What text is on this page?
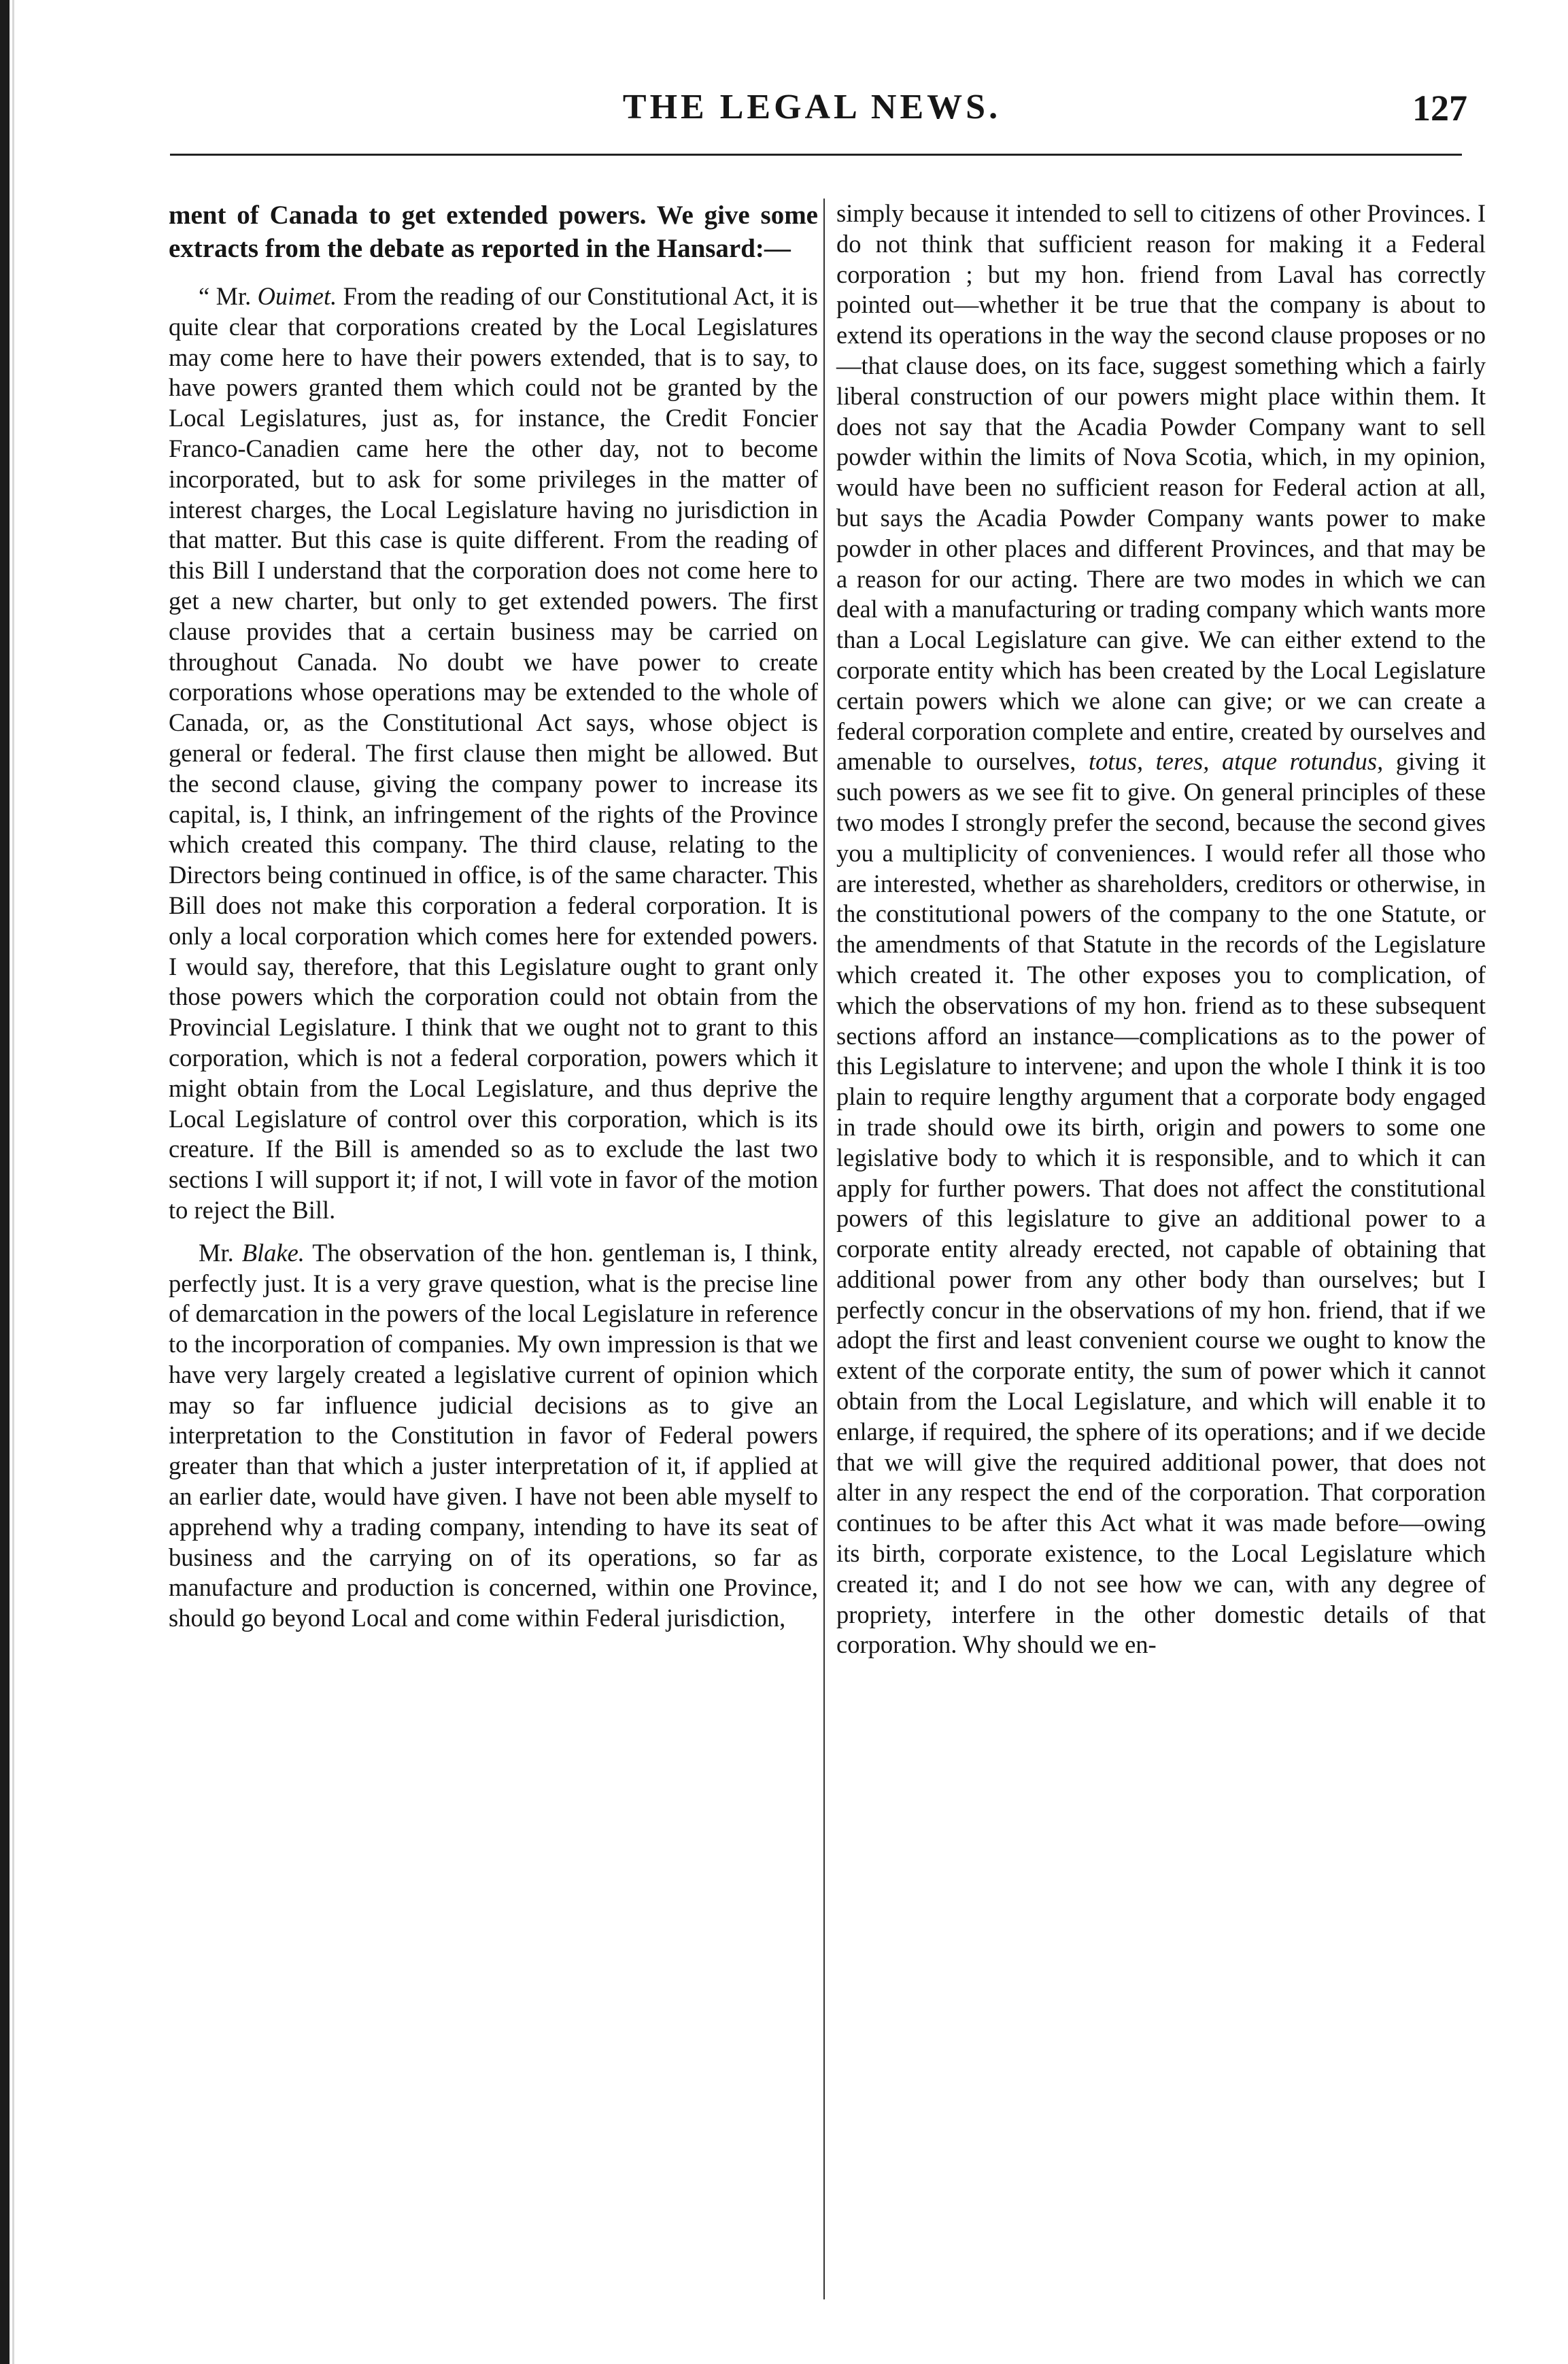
THE LEGAL NEWS.	127

ment of Canada to get extended powers. We give some extracts from the debate as reported in the Hansard:—

“ Mr. Ouimet. From the reading of our Constitutional Act, it is quite clear that corporations created by the Local Legislatures may come here to have their powers extended, that is to say, to have powers granted them which could not be granted by the Local Legislatures, just as, for instance, the Credit Foncier Franco-Canadien came here the other day, not to become incorporated, but to ask for some privileges in the matter of interest charges, the Local Legislature having no jurisdiction in that matter. But this case is quite different. From the reading of this Bill I understand that the corporation does not come here to get a new charter, but only to get extended powers. The first clause provides that a certain business may be carried on throughout Canada. No doubt we have power to create corporations whose operations may be extended to the whole of Canada, or, as the Constitutional Act says, whose object is general or federal. The first clause then might be allowed. But the second clause, giving the company power to increase its capital, is, I think, an infringement of the rights of the Province which created this company. The third clause, relating to the Directors being continued in office, is of the same character. This Bill does not make this corporation a federal corporation. It is only a local corporation which comes here for extended powers. I would say, therefore, that this Legislature ought to grant only those powers which the corporation could not obtain from the Provincial Legislature. I think that we ought not to grant to this corporation, which is not a federal corporation, powers which it might obtain from the Local Legislature, and thus deprive the Local Legislature of control over this corporation, which is its creature. If the Bill is amended so as to exclude the last two sections I will support it; if not, I will vote in favor of the motion to reject the Bill.

Mr. Blake. The observation of the hon. gentleman is, I think, perfectly just. It is a very grave question, what is the precise line of demarcation in the powers of the local Legislature in reference to the incorporation of companies. My own impression is that we have very largely created a legislative current of opinion which may so far influence judicial decisions as to give an interpretation to the Constitution in favor of Federal powers greater than that which a juster interpretation of it, if applied at an earlier date, would have given. I have not been able myself to apprehend why a trading company, intending to have its seat of business and the carrying on of its operations, so far as manufacture and production is concerned, within one Province, should go beyond Local and come within Federal jurisdiction,

simply because it intended to sell to citizens of other Provinces. I do not think that sufficient reason for making it a Federal corporation ; but my hon. friend from Laval has correctly pointed out—whether it be true that the company is about to extend its operations in the way the second clause proposes or no—that clause does, on its face, suggest something which a fairly liberal construction of our powers might place within them. It does not say that the Acadia Powder Company want to sell powder within the limits of Nova Scotia, which, in my opinion, would have been no sufficient reason for Federal action at all, but says the Acadia Powder Company wants power to make powder in other places and different Provinces, and that may be a reason for our acting. There are two modes in which we can deal with a manufacturing or trading company which wants more than a Local Legislature can give. We can either extend to the corporate entity which has been created by the Local Legislature certain powers which we alone can give; or we can create a federal corporation complete and entire, created by ourselves and amenable to ourselves, totus, teres, atque rotundus, giving it such powers as we see fit to give. On general principles of these two modes I strongly prefer the second, because the second gives you a multiplicity of conveniences. I would refer all those who are interested, whether as shareholders, creditors or otherwise, in the constitutional powers of the company to the one Statute, or the amendments of that Statute in the records of the Legislature which created it. The other exposes you to complication, of which the observations of my hon. friend as to these subsequent sections afford an instance—complications as to the power of this Legislature to intervene; and upon the whole I think it is too plain to require lengthy argument that a corporate body engaged in trade should owe its birth, origin and powers to some one legislative body to which it is responsible, and to which it can apply for further powers. That does not affect the constitutional powers of this legislature to give an additional power to a corporate entity already erected, not capable of obtaining that additional power from any other body than ourselves; but I perfectly concur in the observations of my hon. friend, that if we adopt the first and least convenient course we ought to know the extent of the corporate entity, the sum of power which it cannot obtain from the Local Legislature, and which will enable it to enlarge, if required, the sphere of its operations; and if we decide that we will give the required additional power, that does not alter in any respect the end of the corporation. That corporation continues to be after this Act what it was made before—owing its birth, corporate existence, to the Local Legislature which created it; and I do not see how we can, with any degree of propriety, interfere in the other domestic details of that corporation. Why should we en-
